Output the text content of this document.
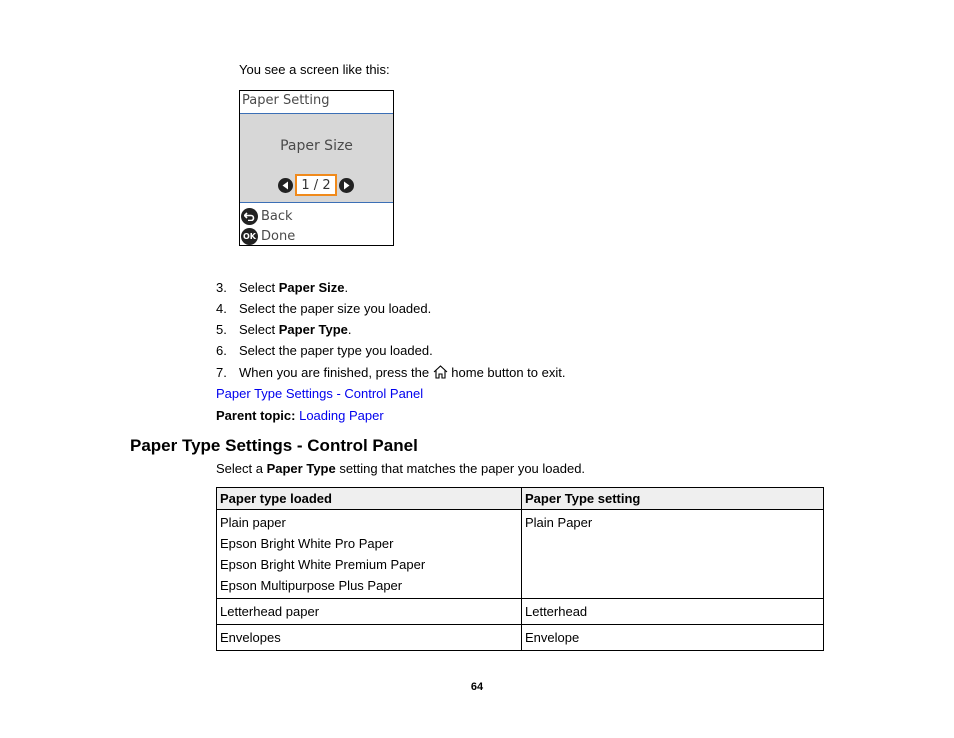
You see a screen like this:
Paper Setting
Paper Size
1 / 2
Back
OK Done
3. Select Paper Size.
4. Select the paper size you loaded.
5. Select Paper Type.
6. Select the paper type you loaded.
7. When you are finished, press the  home button to exit.
Paper Type Settings - Control Panel
Parent topic: Loading Paper
Paper Type Settings - Control Panel
Select a Paper Type setting that matches the paper you loaded.
Paper type loaded	Paper Type setting

Plain paper
Epson Bright White Pro Paper
Epson Bright White Premium Paper
Epson Multipurpose Plus Paper	Plain Paper
Letterhead paper	Letterhead
Envelopes	Envelope
64
